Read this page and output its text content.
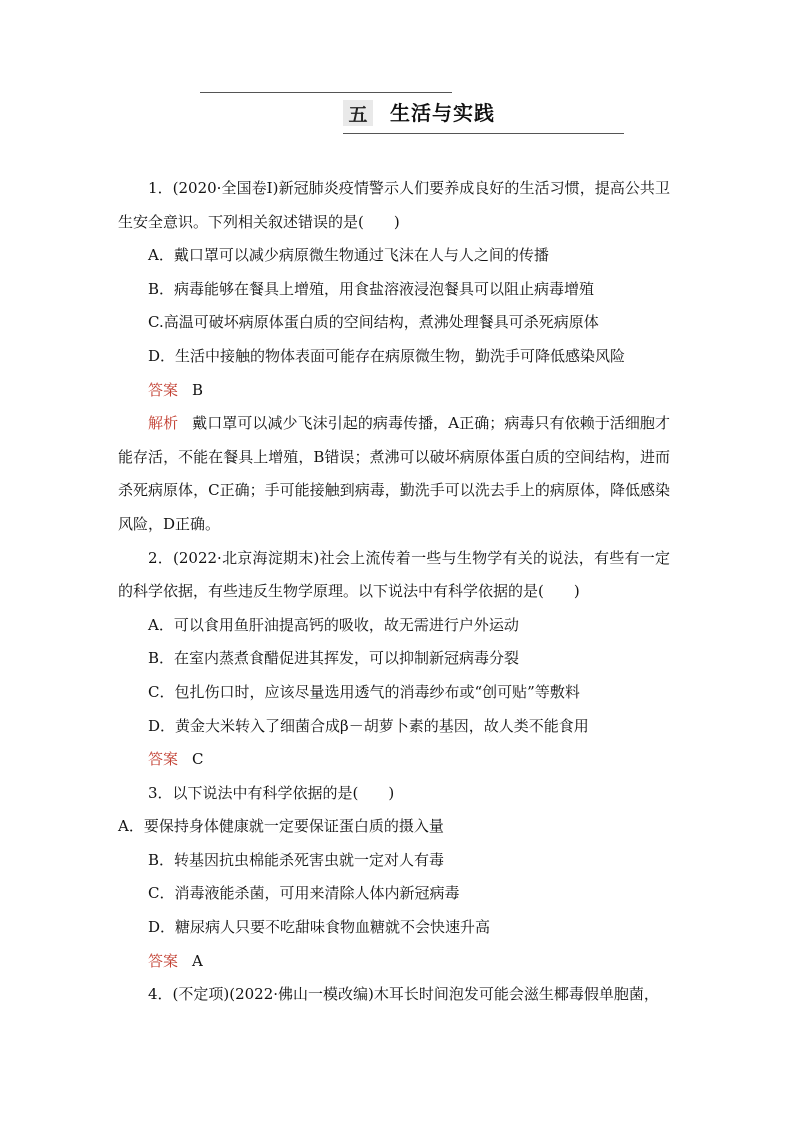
五 生活与实践

1．(2020·全国卷Ⅰ)新冠肺炎疫情警示人们要养成良好的生活习惯，提高公共卫生安全意识。下列相关叙述错误的是(　　)

A．戴口罩可以减少病原微生物通过飞沫在人与人之间的传播

B．病毒能够在餐具上增殖，用食盐溶液浸泡餐具可以阻止病毒增殖

C.高温可破坏病原体蛋白质的空间结构，煮沸处理餐具可杀死病原体

D．生活中接触的物体表面可能存在病原微生物，勤洗手可降低感染风险

答案 B

解析 戴口罩可以减少飞沫引起的病毒传播，A正确；病毒只有依赖于活细胞才能存活，不能在餐具上增殖，B错误；煮沸可以破坏病原体蛋白质的空间结构，进而杀死病原体，C正确；手可能接触到病毒，勤洗手可以洗去手上的病原体，降低感染风险，D正确。

2．(2022·北京海淀期末)社会上流传着一些与生物学有关的说法，有些有一定的科学依据，有些违反生物学原理。以下说法中有科学依据的是(　　)

A．可以食用鱼肝油提高钙的吸收，故无需进行户外运动

B．在室内蒸煮食醋促进其挥发，可以抑制新冠病毒分裂

C．包扎伤口时，应该尽量选用透气的消毒纱布或“创可贴”等敷料

D．黄金大米转入了细菌合成β－胡萝卜素的基因，故人类不能食用

答案 C

3．以下说法中有科学依据的是(　　)

A．要保持身体健康就一定要保证蛋白质的摄入量

B．转基因抗虫棉能杀死害虫就一定对人有毒

C．消毒液能杀菌，可用来清除人体内新冠病毒

D．糖尿病人只要不吃甜味食物血糖就不会快速升高

答案 A

4．(不定项)(2022·佛山一模改编)木耳长时间泡发可能会滋生椰毒假单胞菌，
